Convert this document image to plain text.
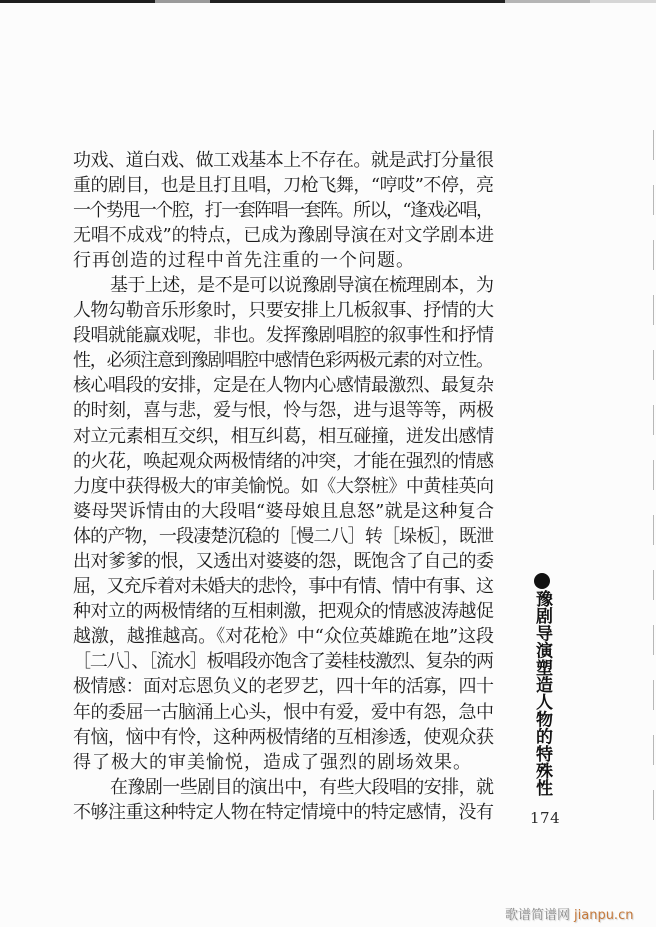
功戏、道白戏、做工戏基本上不存在。就是武打分量很
重的剧目，也是且打且唱，刀枪飞舞，“哼哎”不停，亮
一个势甩一个腔，打一套阵唱一套阵。所以，“逢戏必唱，
无唱不成戏”的特点，已成为豫剧导演在对文学剧本进
行再创造的过程中首先注重的一个问题。
基于上述，是不是可以说豫剧导演在梳理剧本，为
人物勾勒音乐形象时，只要安排上几板叙事、抒情的大
段唱就能赢戏呢，非也。发挥豫剧唱腔的叙事性和抒情
性，必须注意到豫剧唱腔中感情色彩两极元素的对立性。
核心唱段的安排，定是在人物内心感情最激烈、最复杂
的时刻，喜与悲，爱与恨，怜与怨，进与退等等，两极
对立元素相互交织，相互纠葛，相互碰撞，迸发出感情
的火花，唤起观众两极情绪的冲突，才能在强烈的情感
力度中获得极大的审美愉悦。如《大祭桩》中黄桂英向
婆母哭诉情由的大段唱“婆母娘且息怒”就是这种复合
体的产物，一段凄楚沉稳的［慢二八］转［垛板］，既泄
出对爹爹的恨，又透出对婆婆的怨，既饱含了自己的委
屈，又充斥着对未婚夫的悲怜，事中有情、情中有事、这
种对立的两极情绪的互相刺激，把观众的情感波涛越促
越激，越推越高。《对花枪》中“众位英雄跪在地”这段
［二八］、［流水］板唱段亦饱含了姜桂枝激烈、复杂的两
极情感：面对忘恩负义的老罗艺，四十年的活寡，四十
年的委屈一古脑涌上心头，恨中有爱，爱中有怨，急中
有恼，恼中有怜，这种两极情绪的互相渗透，使观众获
得了极大的审美愉悦，造成了强烈的剧场效果。
在豫剧一些剧目的演出中，有些大段唱的安排，就
不够注重这种特定人物在特定情境中的特定感情，没有
豫剧导演塑造人物的特殊性
174
歌谱简谱网 jianpu.cn
